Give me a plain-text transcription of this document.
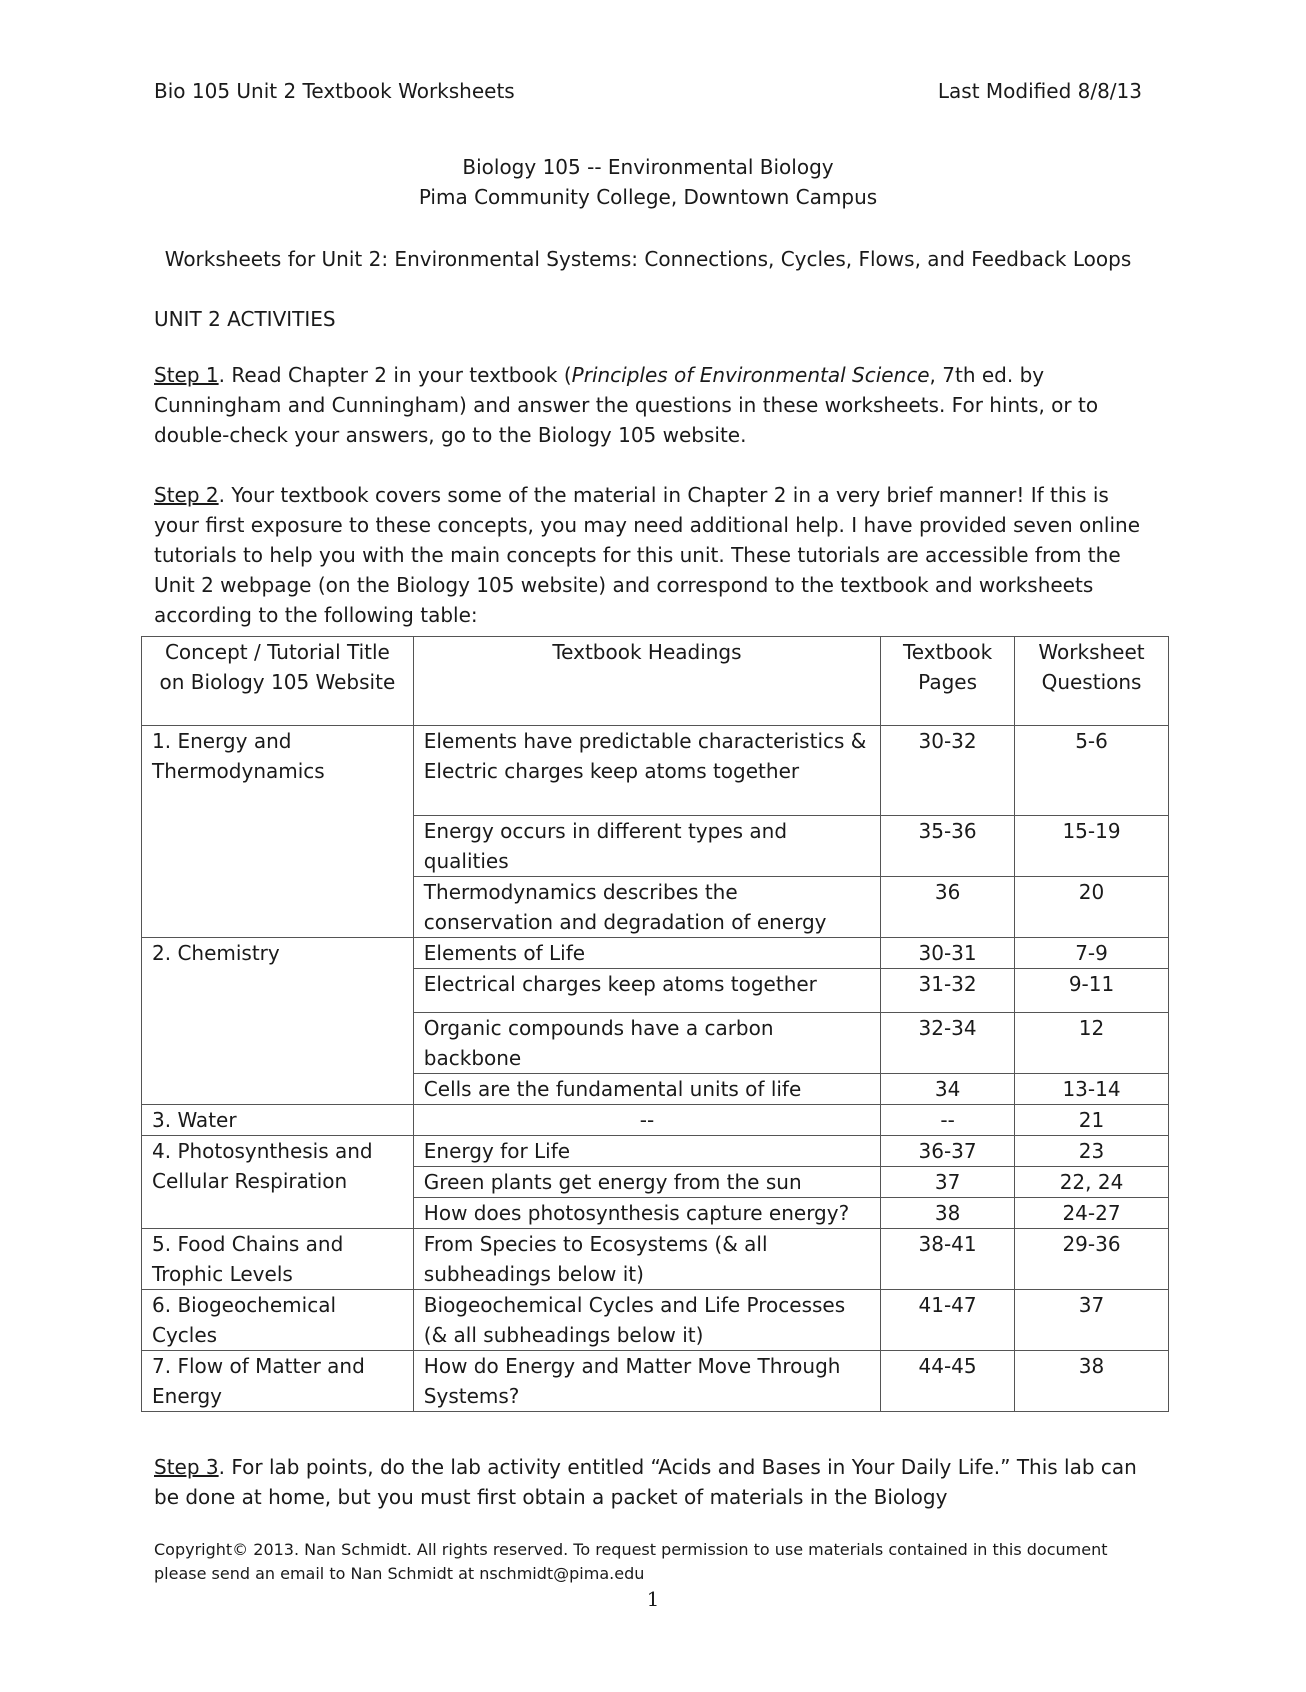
Bio 105 Unit 2 Textbook Worksheets	Last Modified 8/8/13
Biology 105 -- Environmental Biology
Pima Community College, Downtown Campus
Worksheets for Unit 2: Environmental Systems: Connections, Cycles, Flows, and Feedback Loops
UNIT 2 ACTIVITIES
Step 1. Read Chapter 2 in your textbook (Principles of Environmental Science, 7th ed. by Cunningham and Cunningham) and answer the questions in these worksheets. For hints, or to double-check your answers, go to the Biology 105 website.
Step 2. Your textbook covers some of the material in Chapter 2 in a very brief manner! If this is your first exposure to these concepts, you may need additional help. I have provided seven online tutorials to help you with the main concepts for this unit. These tutorials are accessible from the Unit 2 webpage (on the Biology 105 website) and correspond to the textbook and worksheets according to the following table:
Concept / Tutorial Title on Biology 105 Website	Textbook Headings	Textbook Pages	Worksheet Questions
1. Energy and Thermodynamics	Elements have predictable characteristics & Electric charges keep atoms together	30-32	5-6
	Energy occurs in different types and qualities	35-36	15-19
	Thermodynamics describes the conservation and degradation of energy	36	20
2. Chemistry	Elements of Life	30-31	7-9
	Electrical charges keep atoms together	31-32	9-11
	Organic compounds have a carbon backbone	32-34	12
	Cells are the fundamental units of life	34	13-14
3. Water	--	--	21
4. Photosynthesis and Cellular Respiration	Energy for Life	36-37	23
	Green plants get energy from the sun	37	22, 24
	How does photosynthesis capture energy?	38	24-27
5. Food Chains and Trophic Levels	From Species to Ecosystems (& all subheadings below it)	38-41	29-36
6. Biogeochemical Cycles	Biogeochemical Cycles and Life Processes (& all subheadings below it)	41-47	37
7. Flow of Matter and Energy	How do Energy and Matter Move Through Systems?	44-45	38
Step 3. For lab points, do the lab activity entitled “Acids and Bases in Your Daily Life.” This lab can be done at home, but you must first obtain a packet of materials in the Biology
Copyright© 2013. Nan Schmidt. All rights reserved. To request permission to use materials contained in this document please send an email to Nan Schmidt at nschmidt@pima.edu
1
